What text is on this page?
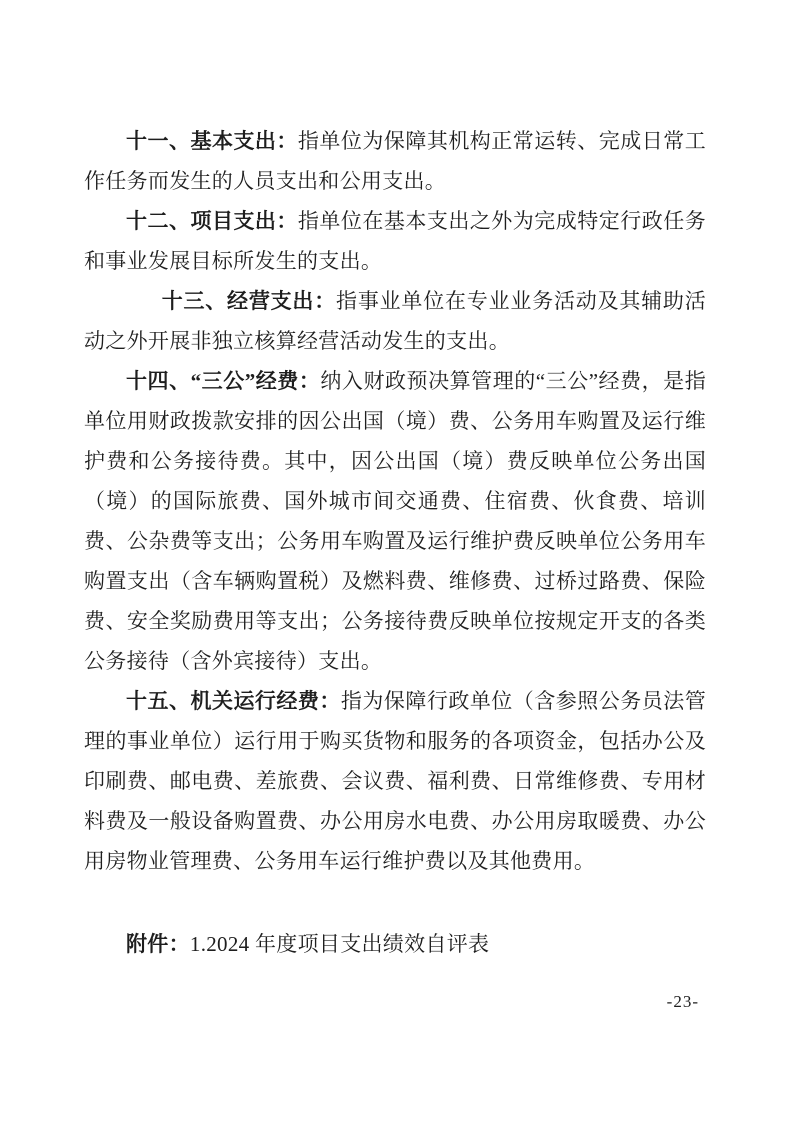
十一、基本支出：指单位为保障其机构正常运转、完成日常工作任务而发生的人员支出和公用支出。

十二、项目支出：指单位在基本支出之外为完成特定行政任务和事业发展目标所发生的支出。

十三、经营支出：指事业单位在专业业务活动及其辅助活动之外开展非独立核算经营活动发生的支出。

十四、“三公”经费：纳入财政预决算管理的“三公”经费，是指单位用财政拨款安排的因公出国（境）费、公务用车购置及运行维护费和公务接待费。其中，因公出国（境）费反映单位公务出国（境）的国际旅费、国外城市间交通费、住宿费、伙食费、培训费、公杂费等支出；公务用车购置及运行维护费反映单位公务用车购置支出（含车辆购置税）及燃料费、维修费、过桥过路费、保险费、安全奖励费用等支出；公务接待费反映单位按规定开支的各类公务接待（含外宾接待）支出。

十五、机关运行经费：指为保障行政单位（含参照公务员法管理的事业单位）运行用于购买货物和服务的各项资金，包括办公及印刷费、邮电费、差旅费、会议费、福利费、日常维修费、专用材料费及一般设备购置费、办公用房水电费、办公用房取暖费、办公用房物业管理费、公务用车运行维护费以及其他费用。

附件：1.2024 年度项目支出绩效自评表

-23-
